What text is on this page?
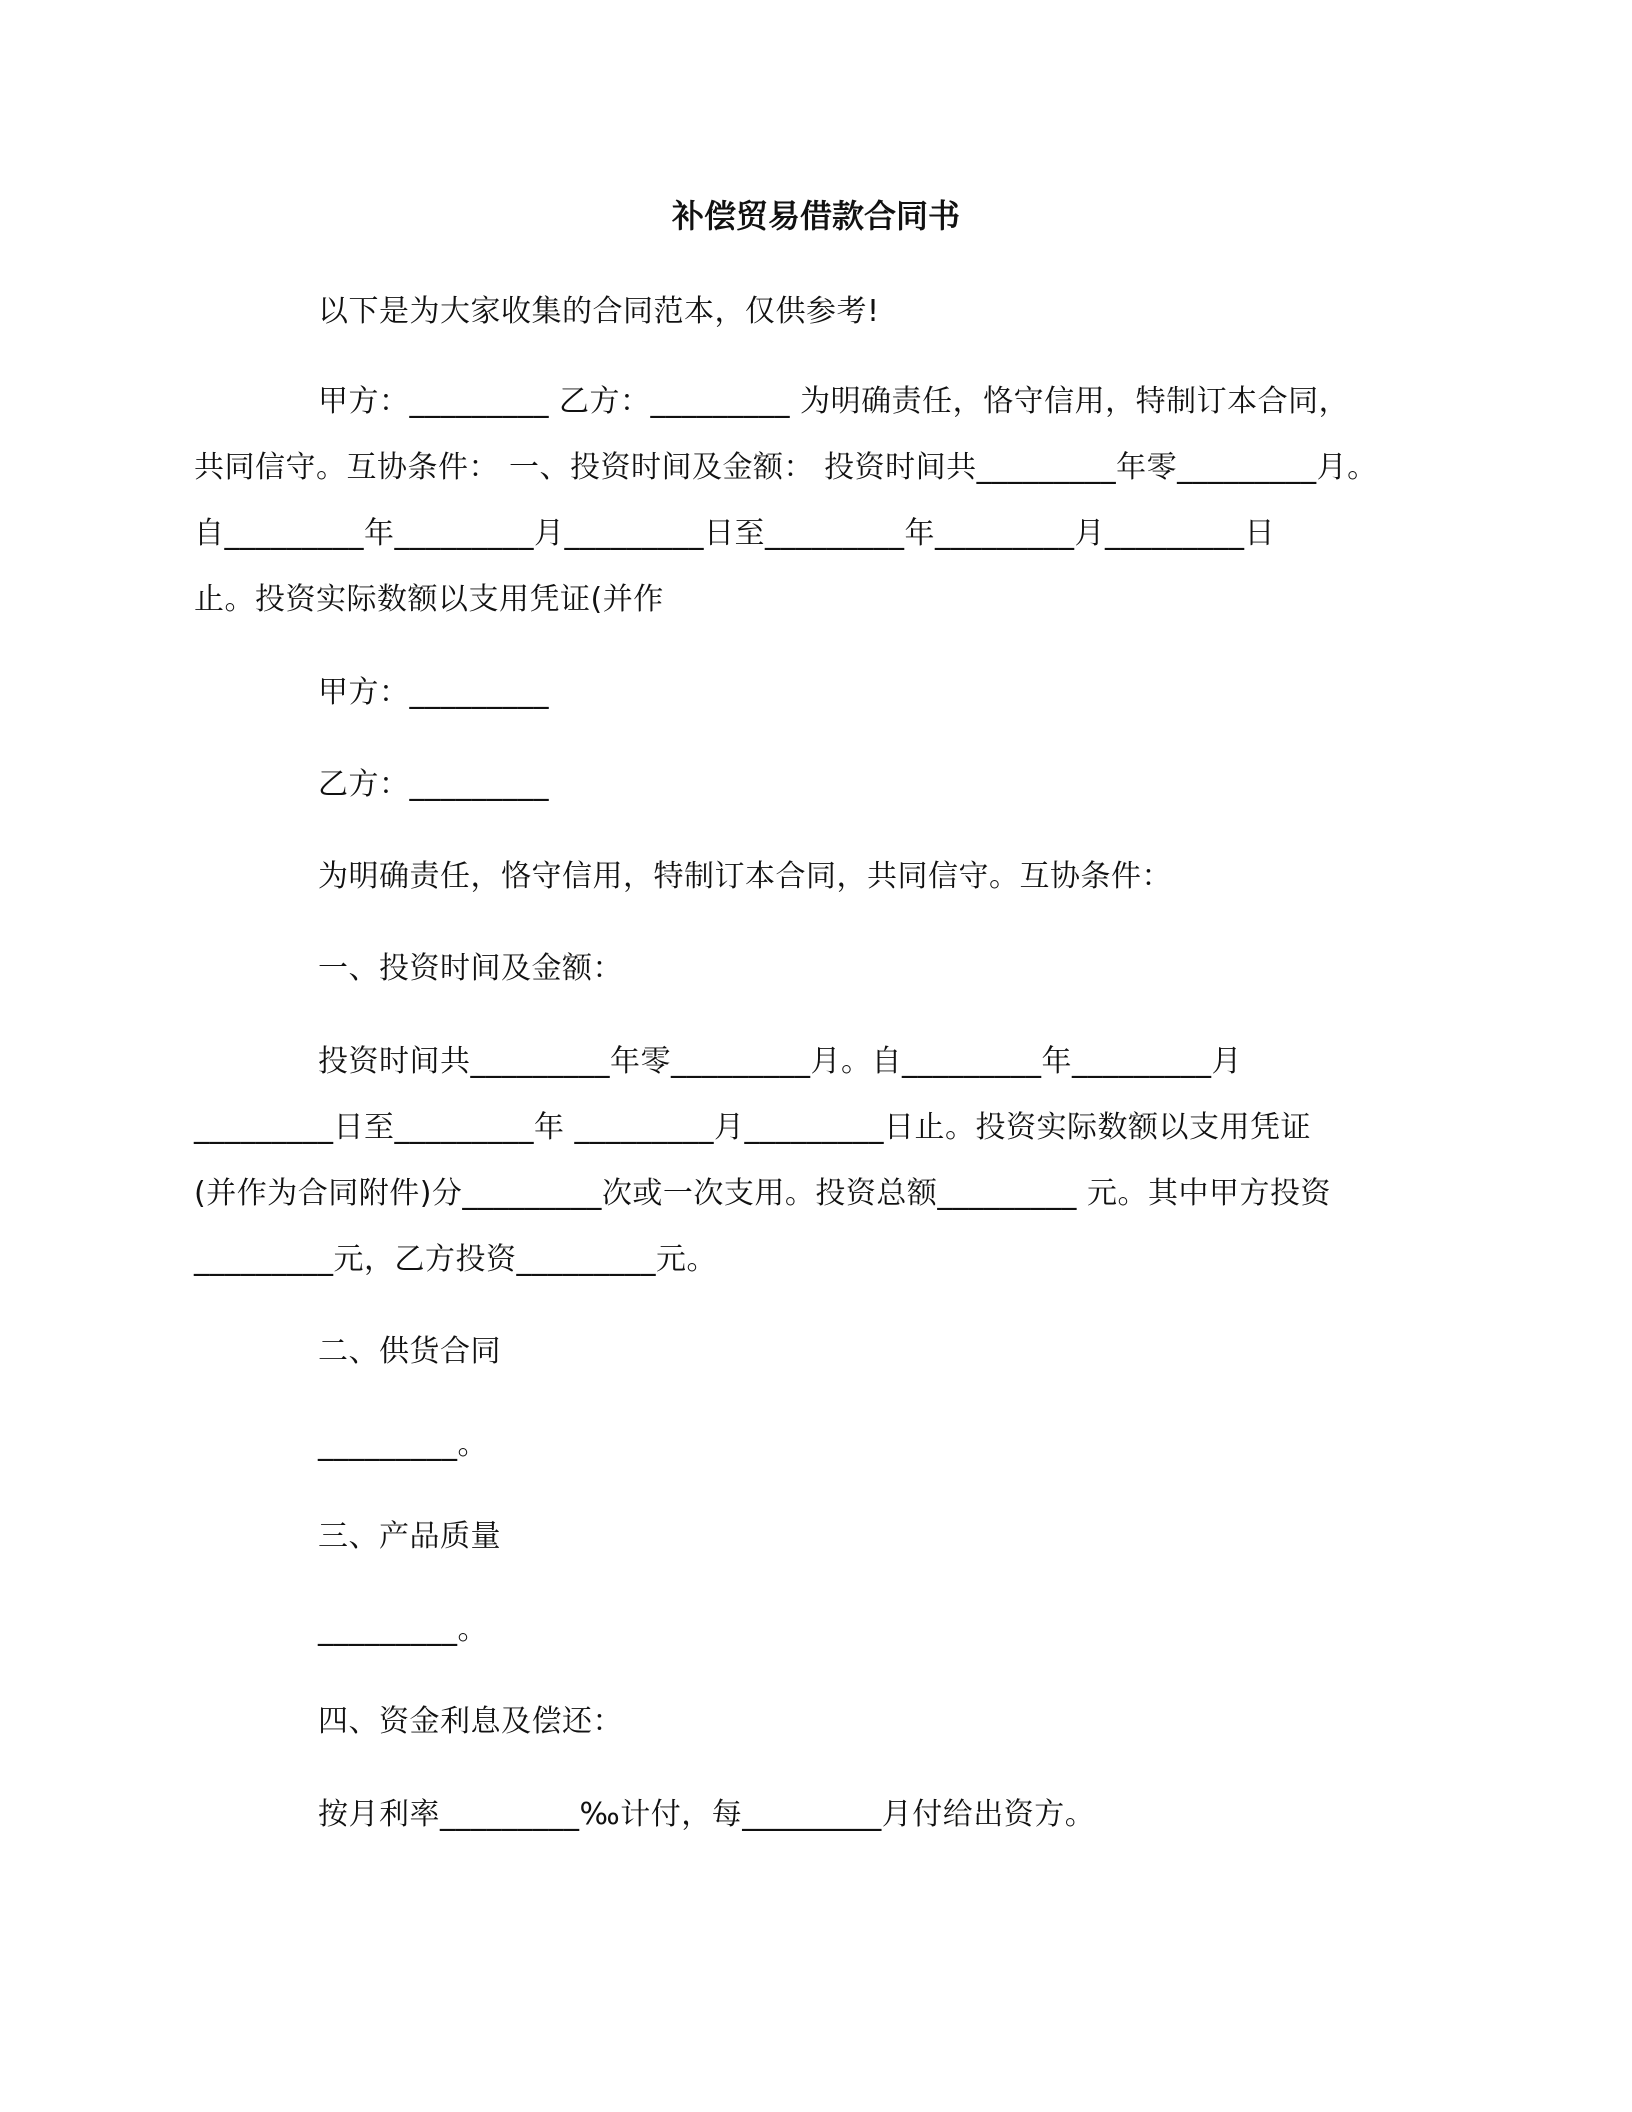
补偿贸易借款合同书
以下是为大家收集的合同范本，仅供参考!
甲方：_________ 乙方：_________ 为明确责任，恪守信用，特制订本合同，
共同信守。互协条件： 一、投资时间及金额： 投资时间共_________年零_________月。
自_________年_________月_________日至_________年_________月_________日
止。投资实际数额以支用凭证(并作
甲方：_________
乙方：_________
为明确责任，恪守信用，特制订本合同，共同信守。互协条件：
一、投资时间及金额：
投资时间共_________年零_________月。自_________年_________月
_________日至_________年 _________月_________日止。投资实际数额以支用凭证
(并作为合同附件)分_________次或一次支用。投资总额_________ 元。其中甲方投资
_________元，乙方投资_________元。
二、供货合同
_________。
三、产品质量
_________。
四、资金利息及偿还：
按月利率_________‰计付，每_________月付给出资方。
